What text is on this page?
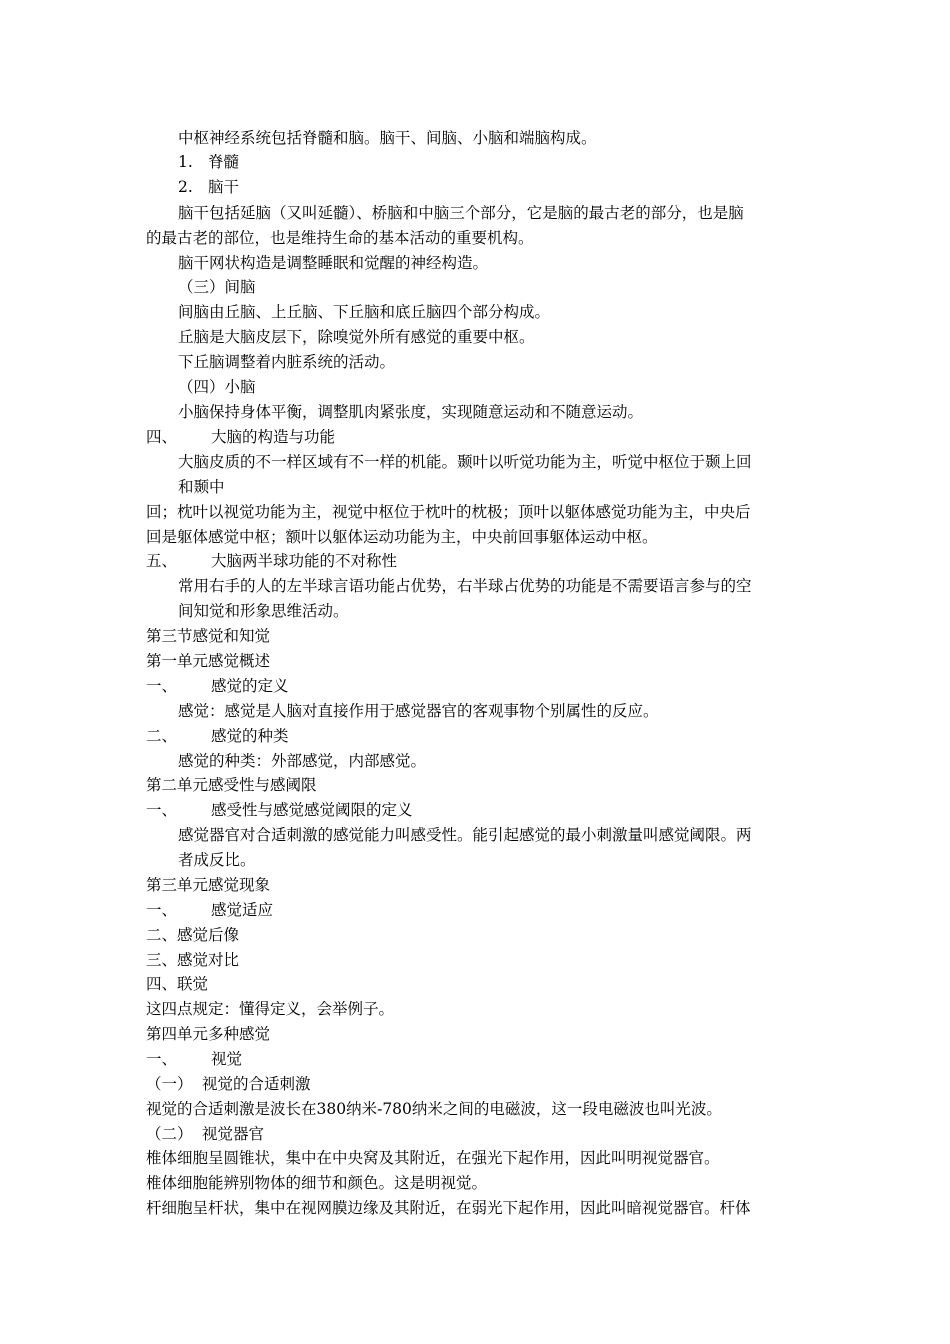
中枢神经系统包括脊髓和脑。脑干、间脑、小脑和端脑构成。

1. 脊髓

2. 脑干

脑干包括延脑（又叫延髓）、桥脑和中脑三个部分，它是脑的最古老的部分，也是脑

的最古老的部位，也是维持生命的基本活动的重要机构。

脑干网状构造是调整睡眠和觉醒的神经构造。

（三）间脑

间脑由丘脑、上丘脑、下丘脑和底丘脑四个部分构成。

丘脑是大脑皮层下，除嗅觉外所有感觉的重要中枢。

下丘脑调整着内脏系统的活动。

（四）小脑

小脑保持身体平衡，调整肌肉紧张度，实现随意运动和不随意运动。

四、 大脑的构造与功能

大脑皮质的不一样区域有不一样的机能。颞叶以听觉功能为主，听觉中枢位于颞上回

和颞中

回；枕叶以视觉功能为主，视觉中枢位于枕叶的枕极；顶叶以躯体感觉功能为主，中央后

回是躯体感觉中枢；额叶以躯体运动功能为主，中央前回事躯体运动中枢。

五、 大脑两半球功能的不对称性

常用右手的人的左半球言语功能占优势，右半球占优势的功能是不需要语言参与的空

间知觉和形象思维活动。

第三节感觉和知觉

第一单元感觉概述

一、 感觉的定义

感觉：感觉是人脑对直接作用于感觉器官的客观事物个别属性的反应。

二、 感觉的种类

感觉的种类：外部感觉，内部感觉。

第二单元感受性与感阈限

一、 感受性与感觉感觉阈限的定义

感觉器官对合适刺激的感觉能力叫感受性。能引起感觉的最小刺激量叫感觉阈限。两

者成反比。

第三单元感觉现象

一、 感觉适应

二、感觉后像

三、感觉对比

四、联觉

这四点规定：懂得定义，会举例子。

第四单元多种感觉

一、 视觉

（一） 视觉的合适刺激

视觉的合适刺激是波长在380纳米-780纳米之间的电磁波，这一段电磁波也叫光波。

（二） 视觉器官

椎体细胞呈圆锥状，集中在中央窝及其附近，在强光下起作用，因此叫明视觉器官。

椎体细胞能辨别物体的细节和颜色。这是明视觉。

杆细胞呈杆状，集中在视网膜边缘及其附近，在弱光下起作用，因此叫暗视觉器官。杆体
